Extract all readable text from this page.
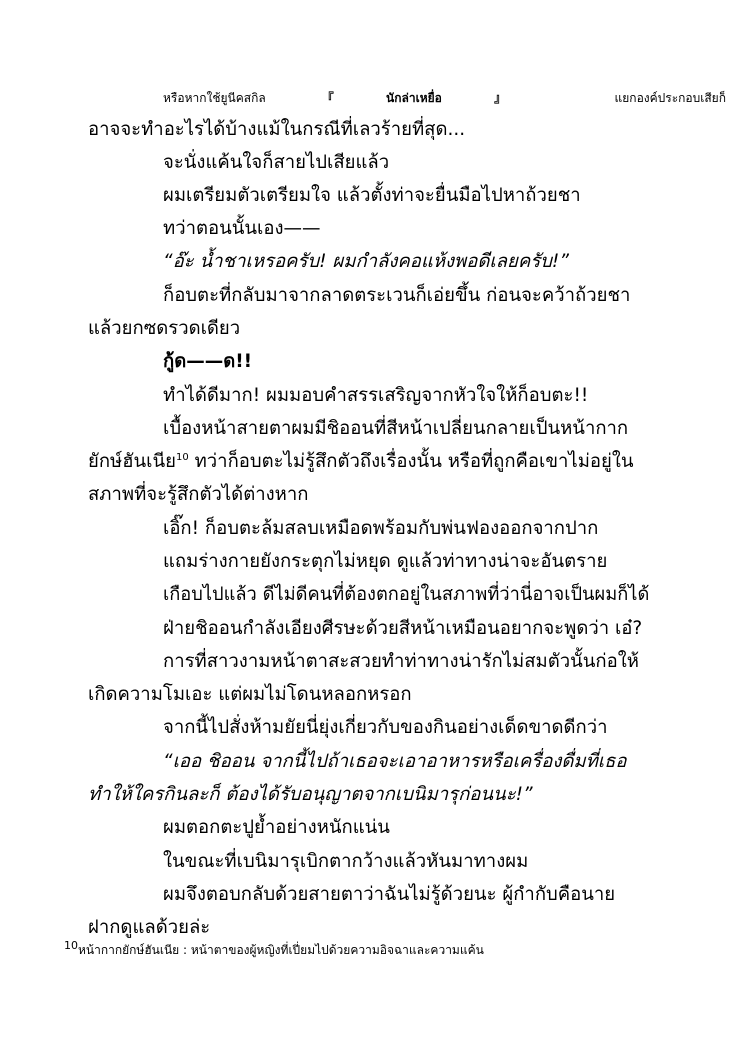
หรือหากใช้ยูนีคสกิล	『นักล่าเหยื่อ』	แยกองค์ประกอบเสียก็
อาจจะทำอะไรได้บ้างแม้ในกรณีที่เลวร้ายที่สุด...
จะนั่งแค้นใจก็สายไปเสียแล้ว
ผมเตรียมตัวเตรียมใจ แล้วตั้งท่าจะยื่นมือไปหาถ้วยชา
ทว่าตอนนั้นเอง——
“อ๊ะ น้ำชาเหรอครับ! ผมกำลังคอแห้งพอดีเลยครับ!”
ก็อบตะที่กลับมาจากลาดตระเวนก็เอ่ยขึ้น ก่อนจะคว้าถ้วยชา
แล้วยกซดรวดเดียว
กู้ด——ด!!
ทำได้ดีมาก! ผมมอบคำสรรเสริญจากหัวใจให้ก็อบตะ!!
เบื้องหน้าสายตาผมมีชิออนที่สีหน้าเปลี่ยนกลายเป็นหน้ากาก
ยักษ์ฮันเนีย$^{10}$ ทว่าก็อบตะไม่รู้สึกตัวถึงเรื่องนั้น หรือที่ถูกคือเขาไม่อยู่ใน
สภาพที่จะรู้สึกตัวได้ต่างหาก
เอิ๊ก! ก็อบตะล้มสลบเหมือดพร้อมกับพ่นฟองออกจากปาก
แถมร่างกายยังกระตุกไม่หยุด ดูแล้วท่าทางน่าจะอันตราย
เกือบไปแล้ว ดีไม่ดีคนที่ต้องตกอยู่ในสภาพที่ว่านี่อาจเป็นผมก็ได้
ฝ่ายชิออนกำลังเอียงศีรษะด้วยสีหน้าเหมือนอยากจะพูดว่า เอ๋?
การที่สาวงามหน้าตาสะสวยทำท่าทางน่ารักไม่สมตัวนั้นก่อให้
เกิดความโมเอะ แต่ผมไม่โดนหลอกหรอก
จากนี้ไปสั่งห้ามยัยนี่ยุ่งเกี่ยวกับของกินอย่างเด็ดขาดดีกว่า
“เออ ชิออน จากนี้ไปถ้าเธอจะเอาอาหารหรือเครื่องดื่มที่เธอ
ทำให้ใครกินละก็ ต้องได้รับอนุญาตจากเบนิมารุก่อนนะ!”
ผมตอกตะปูย้ำอย่างหนักแน่น
ในขณะที่เบนิมารุเบิกตากว้างแล้วหันมาทางผม
ผมจึงตอบกลับด้วยสายตาว่าฉันไม่รู้ด้วยนะ ผู้กำกับคือนาย
ฝากดูแลด้วยล่ะ
10หน้ากากยักษ์ฮันเนีย : หน้าตาของผู้หญิงที่เปี่ยมไปด้วยความอิจฉาและความแค้น
